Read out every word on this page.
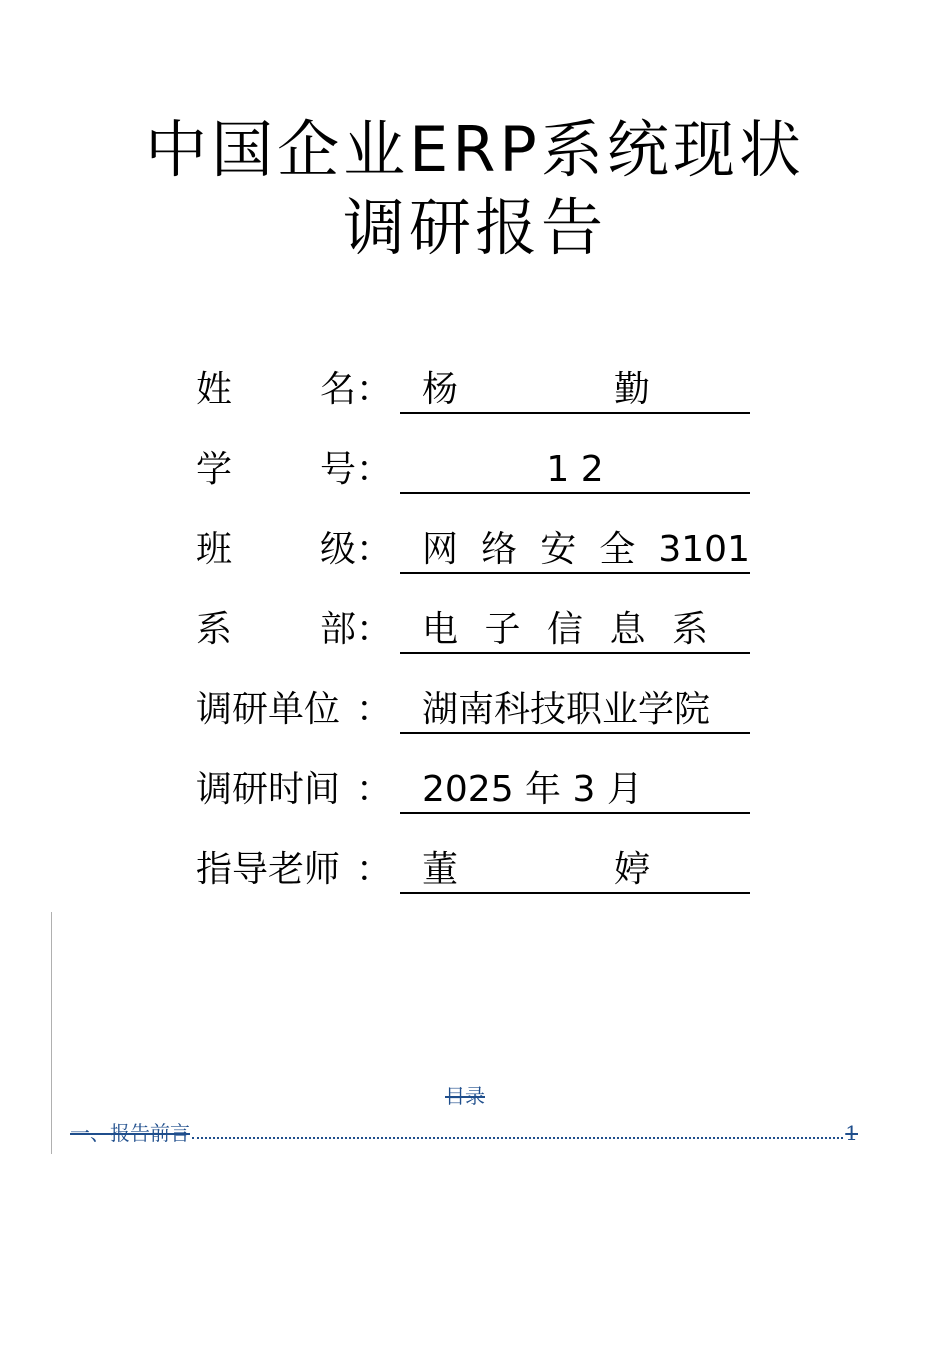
中国企业ERP系统现状
调研报告
姓 名 ： 杨	勤
学 号 ：	1 2
班 级 ： 网 络 安 全 3101
系 部 ： 电 子 信 息 系
调研单位 ： 湖南科技职业学院
调研时间 ： 2025 年 3 月
指导老师 ： 董	婷
目录
一、报告前言	1
